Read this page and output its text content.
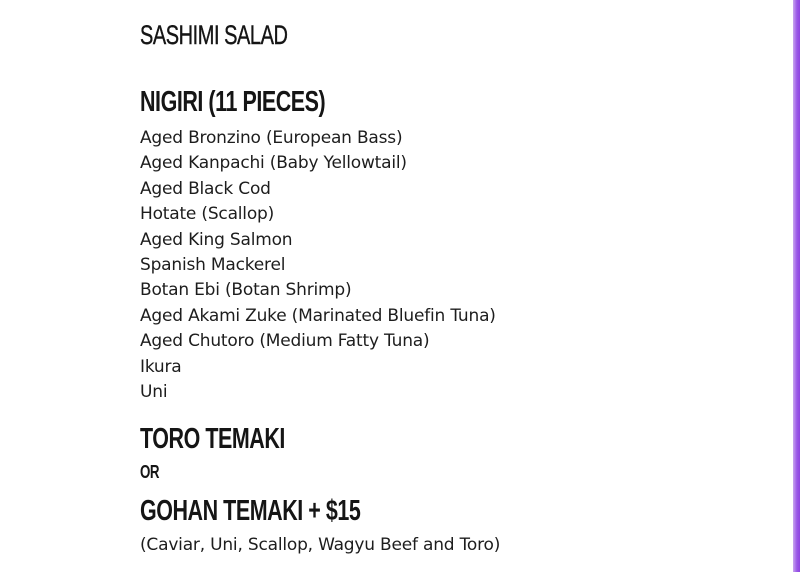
SASHIMI SALAD
NIGIRI (11 PIECES)
Aged Bronzino (European Bass)
Aged Kanpachi (Baby Yellowtail)
Aged Black Cod
Hotate (Scallop)
Aged King Salmon
Spanish Mackerel
Botan Ebi (Botan Shrimp)
Aged Akami Zuke (Marinated Bluefin Tuna)
Aged Chutoro (Medium Fatty Tuna)
Ikura
Uni
TORO TEMAKI
OR
GOHAN TEMAKI + $15
(Caviar, Uni, Scallop, Wagyu Beef and Toro)
